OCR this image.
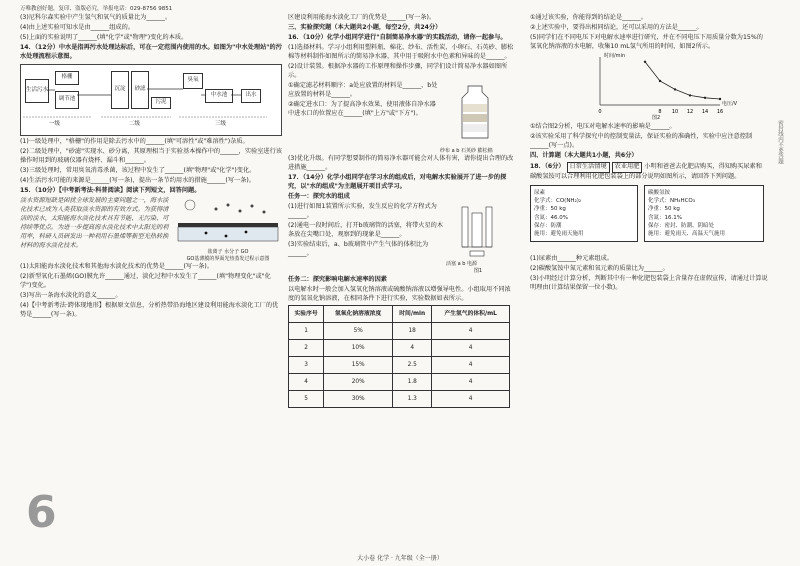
万唯教创好题，复印、盗版必究，举报电话：029-8756 9851
(3)尼科尔森实验中产生氢气和氧气的质量比为______。
(4)由上述实验可知水是由______组成的。
(5)上面的实验说明了______(填"化学"或"物理")变化的本质。
14．（12分）中水是指再污水处理达标后，可在一定范围内使用的水。如图为"中水处理站"的污水处理流程示意图。
生活污水
格栅
调节池
沉淀	砂滤
污泥
臭氧
中水池	出水
一级	二级	三级
(1)一级处理中，"格栅"的作用是除去污水中的______(填"可溶性"或"难溶性")杂质。
(2)二级处理中，"砂滤"实现水、砂分离，其原理相当于实验基本操作中的______，实验室进行该操作时用到的玻璃仪器有烧杯、漏斗和______。
(3)三级处理时，常用臭氧消毒杀菌，该过程中发生了______(填"物理"或"化学")变化。
(4)生活污水可能的来源是______(写一条)，提出一条节约用水的措施______(写一条)。
15．（10分）【中考新考法·科普阅读】阅读下列短文，回答问题。
淡水资源短缺是困扰全球发展的主要问题之一，海水淡化技术已成为人类获取淡水资源的有效方式。为获得清洁的淡水，太阳能海水淡化技术具有节能、无污染、可持续等优点。为进一步提高海水淡化技术中太阳光的利用率，科研人员研发出一种利用石墨烯等新型光热转换材料的海水淡化技术。
盐离子 水分子 GO
GO基薄膜的界面光热蒸发过程示意图
(1)太阳能海水淡化技术和其他海水淡化技术的优势是______(写一条)。
(2)新型氧化石墨烯(GO)膜允许______通过，淡化过程中水发生了______(填"物理变化"或"化学")变化。
(3)写出一条海水淡化的意义______。
(4)【中考新考法·跨体现地形】根据原文信息，分析热带沿海地区建设利用能海水淡化工厂的优势是______(写一条)。
6
区建设利用能海水淡化工厂的优势是______(写一条)。
三、实验探究题（本大题共2小题，每空2分，共24分）
16．（10分）化学小组同学进行"自制简易净水器"的实践活动，请你一起参与。
(1)选择材料。学习小组利用塑料瓶、棉花、纱布、活性炭、小卵石、石英砂、膨松棉等材料制作如图所示的简易净水器，其中用于吸附水中色素和异味的是______。
(2)设计装置。根据净水器的工作原理和操作步骤，同学们设计简易净水器如图所示。
①确定滤芯材料顺序：a处应放置的材料是______，b处应放置的材料是______。
②确定进水口：为了提高净水效果，使用液体自净水器中进水口的位置应在______(填"上方"或"下方")。

纱布 a b 石英砂 膨松棉
(3)优化升级。有同学想要制作的简易净水器可能会对人体有害，请你提出合理的改进措施______。
17．（14分）化学小组同学在学习水的组成后，对电解水实验展开了进一步的探究，以"水的组成"为主题展开项目式学习。
任务一：探究水的组成
(1)进行如图1装置所示实验，发生反应的化学方程式为______。
(2)通电一段时间后，打开b玻璃管的活塞，将带火星的木条放在尖嘴口处，观察到的现象是______。
(3)实验结束后，a、b玻璃管中产生气体的体积比为______。

活塞 a b 电源
图1
任务二：探究影响电解水速率的因素
以电解水时一般会加入氢氧化钠溶液或硫酸钠溶液以增强导电性。小组取用不同浓度的氢氧化钠溶液，在相同条件下进行实验，实验数据如表所示。
实验序号	氢氧化钠溶液浓度	时间/min	产生氢气的体积/mL
1	5%	18	4
2	10%	4	4
3	15%	2.5	4
4	20%	1.8	4
5	30%	1.3	4
①通过该实验，你能得到的结论是______。
②上述实验中，要得出相同结论，还可以采用的方法是______。
(5)同学们在不同电压下对电解水速率进行研究，并在不同电压下用质量分数为15%的氢氧化钠溶液的水电解，收集10 mL氢气所用的时间，如图2所示。
0	8 10 12 14 16
时间/min
电压/V
图2
①结合图2分析，电压对电解水速率的影响是______。
②该实验采用了科学探究中的控制变量法，保证实验的准确性，实验中应注意控制______(写一点)。
四、计算题（本大题共1小题，共6分）
18．（6分） 日常生活情境 农业用肥 小明和爸爸去化肥店购买，得知购买尿素和碳酸氢铵可以合理利用化肥包装袋上的部分说明如图所示，请回答下列问题。
尿素
化学式：CO(NH₂)₂
净重：50 kg
含氮：46.0%
保存：防潮
施用：避免雨天施用
碳酸氢铵
化学式：NH₄HCO₃
净重：50 kg
含氮：16.1%
保存：密封、防潮、阴暗处
施用：避免雨天、高温天气施用
(1)尿素由______种元素组成。
(2)碳酸氢铵中氮元素和氧元素的质量比为______。
(3)小明经过计算分析，判断其中有一种化肥包装袋上含量存在虚假宣传，请通过计算说明理由(计算结果保留一位小数)。
密封线内不要答题
大小卷 化学 · 九年级（全一册）
